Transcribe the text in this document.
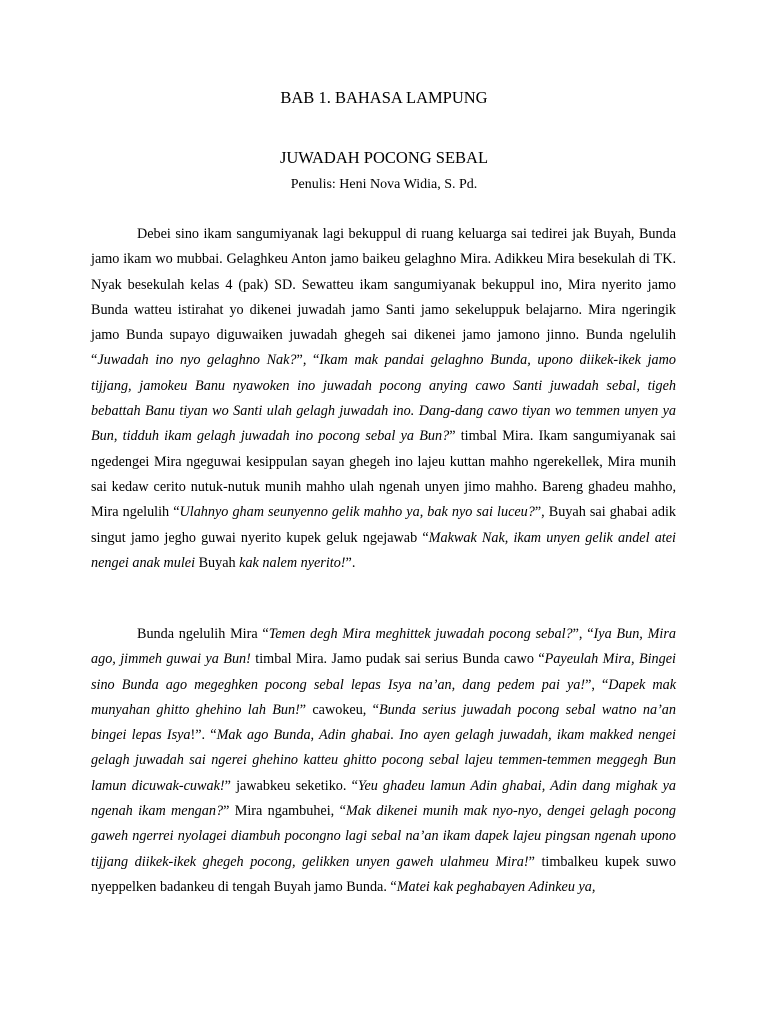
BAB 1. BAHASA LAMPUNG
JUWADAH POCONG SEBAL

Penulis: Heni Nova Widia, S. Pd.

Debei sino ikam sangumiyanak lagi bekuppul di ruang keluarga sai tedirei jak Buyah, Bunda jamo ikam wo mubbai. Gelaghkeu Anton jamo baikeu gelaghno Mira. Adikkeu Mira besekulah di TK. Nyak besekulah kelas 4 (pak) SD. Sewatteu ikam sangumiyanak bekuppul ino, Mira nyerito jamo Bunda watteu istirahat yo dikenei juwadah jamo Santi jamo sekeluppuk belajarno. Mira ngeringik jamo Bunda supayo diguwaiken juwadah ghegeh sai dikenei jamo jamono jinno. Bunda ngelulih “Juwadah ino nyo gelaghno Nak?”, “Ikam mak pandai gelaghno Bunda, upono diikek-ikek jamo tijjang, jamokeu Banu nyawoken ino juwadah pocong anying cawo Santi juwadah sebal, tigeh bebattah Banu tiyan wo Santi ulah gelagh juwadah ino. Dang-dang cawo tiyan wo temmen unyen ya Bun, tidduh ikam gelagh juwadah ino pocong sebal ya Bun?” timbal Mira. Ikam sangumiyanak sai ngedengei Mira ngeguwai kesippulan sayan ghegeh ino lajeu kuttan mahho ngerekellek, Mira munih sai kedaw cerito nutuk-nutuk munih mahho ulah ngenah unyen jimo mahho. Bareng ghadeu mahho, Mira ngelulih “Ulahnyo gham seunyenno gelik mahho ya, bak nyo sai luceu?”, Buyah sai ghabai adik singut jamo jegho guwai nyerito kupek geluk ngejawab “Makwak Nak, ikam unyen gelik andel atei nengei anak mulei Buyah kak nalem nyerito!”.

Bunda ngelulih Mira “Temen degh Mira meghittek juwadah pocong sebal?”, “Iya Bun, Mira ago, jimmeh guwai ya Bun! timbal Mira. Jamo pudak sai serius Bunda cawo “Payeulah Mira, Bingei sino Bunda ago megeghken pocong sebal lepas Isya na’an, dang pedem pai ya!”, “Dapek mak munyahan ghitto ghehino lah Bun!” cawokeu, “Bunda serius juwadah pocong sebal watno na’an bingei lepas Isya!”. “Mak ago Bunda, Adin ghabai. Ino ayen gelagh juwadah, ikam makked nengei gelagh juwadah sai ngerei ghehino katteu ghitto pocong sebal lajeu temmen-temmen meggegh Bun lamun dicuwak-cuwak!” jawabkeu seketiko. “Yeu ghadeu lamun Adin ghabai, Adin dang mighak ya ngenah ikam mengan?” Mira ngambuhei, “Mak dikenei munih mak nyo-nyo, dengei gelagh pocong gaweh ngerrei nyolagei diambuh pocongno lagi sebal na’an ikam dapek lajeu pingsan ngenah upono tijjang diikek-ikek ghegeh pocong, gelikken unyen gaweh ulahmeu Mira!” timbalkeu kupek suwo nyeppelken badankeu di tengah Buyah jamo Bunda. “Matei kak peghabayen Adinkeu ya,
